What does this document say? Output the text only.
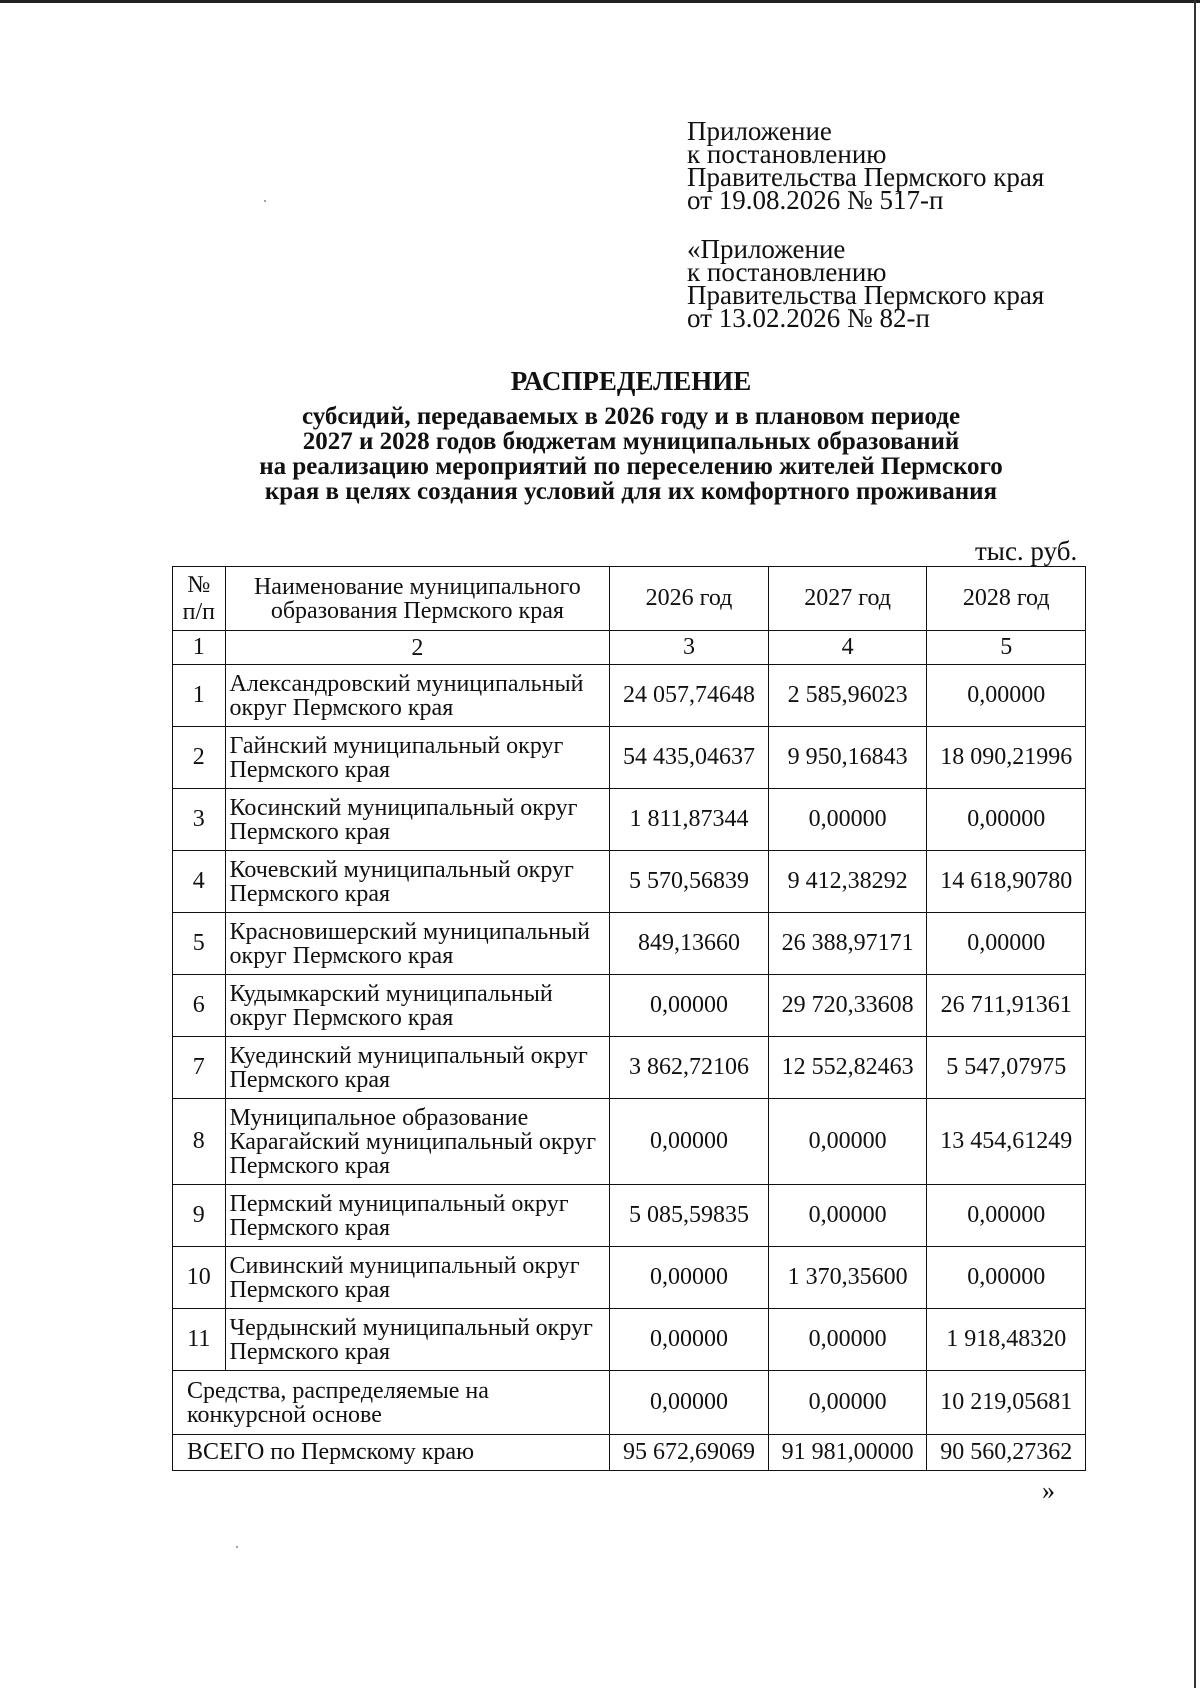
Приложение
к постановлению
Правительства Пермского края
от 19.08.2026 № 517-п
«Приложение
к постановлению
Правительства Пермского края
от 13.02.2026 № 82-п
РАСПРЕДЕЛЕНИЕ
субсидий, передаваемых в 2026 году и в плановом периоде
2027 и 2028 годов бюджетам муниципальных образований
на реализацию мероприятий по переселению жителей Пермского
края в целях создания условий для их комфортного проживания
тыс. руб.
№ п/п	Наименование муниципального образования Пермского края	2026 год	2027 год	2028 год
1	2	3	4	5
1	Александровский муниципальный округ Пермского края	24 057,74648	2 585,96023	0,00000
2	Гайнский муниципальный округ Пермского края	54 435,04637	9 950,16843	18 090,21996
3	Косинский муниципальный округ Пермского края	1 811,87344	0,00000	0,00000
4	Кочевский муниципальный округ Пермского края	5 570,56839	9 412,38292	14 618,90780
5	Красновишерский муниципальный округ Пермского края	849,13660	26 388,97171	0,00000
6	Кудымкарский муниципальный округ Пермского края	0,00000	29 720,33608	26 711,91361
7	Куединский муниципальный округ Пермского края	3 862,72106	12 552,82463	5 547,07975
8	Муниципальное образование Карагайский муниципальный округ Пермского края	0,00000	0,00000	13 454,61249
9	Пермский муниципальный округ Пермского края	5 085,59835	0,00000	0,00000
10	Сивинский муниципальный округ Пермского края	0,00000	1 370,35600	0,00000
11	Чердынский муниципальный округ Пермского края	0,00000	0,00000	1 918,48320
Средства, распределяемые на конкурсной основе		0,00000	0,00000	10 219,05681
ВСЕГО по Пермскому краю		95 672,69069	91 981,00000	90 560,27362
»
